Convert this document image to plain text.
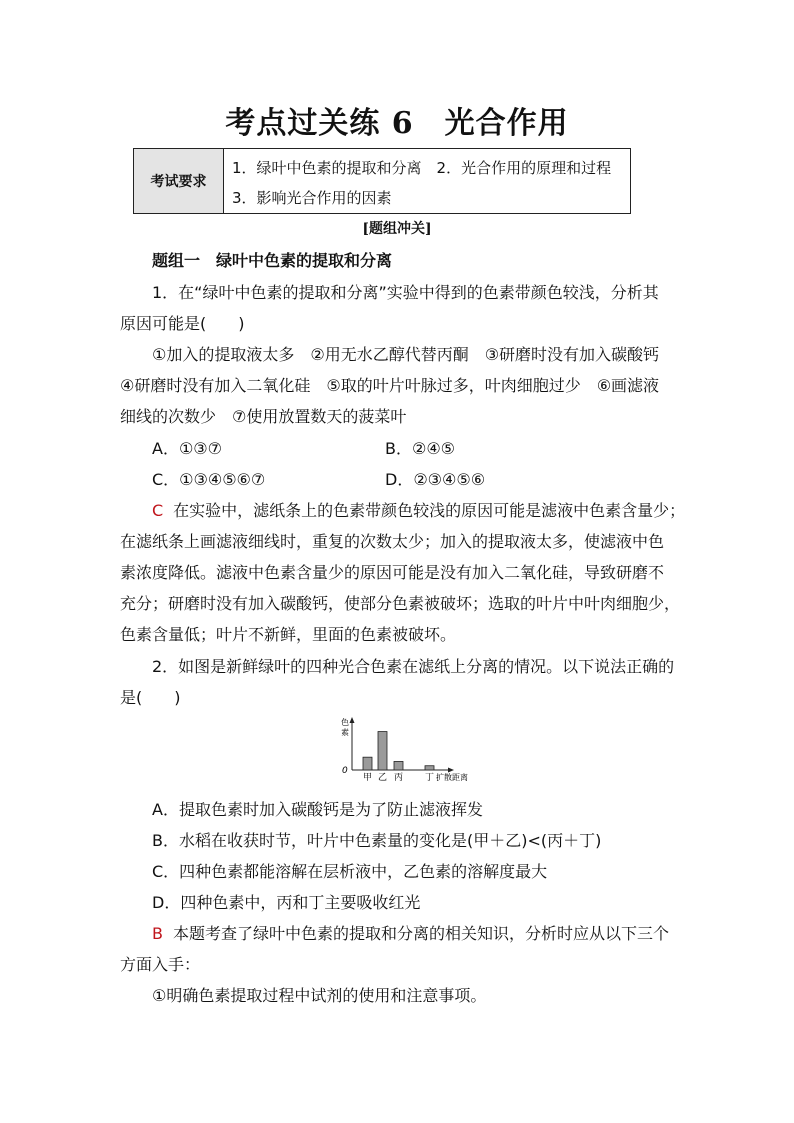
考点过关练 6　光合作用
考试要求
1．绿叶中色素的提取和分离　2．光合作用的原理和过程
3．影响光合作用的因素
[题组冲关]
题组一　绿叶中色素的提取和分离
1．在“绿叶中色素的提取和分离”实验中得到的色素带颜色较浅，分析其
原因可能是(　　)
①加入的提取液太多　②用无水乙醇代替丙酮　③研磨时没有加入碳酸钙
④研磨时没有加入二氧化硅　⑤取的叶片叶脉过多，叶肉细胞过少　⑥画滤液
细线的次数少　⑦使用放置数天的菠菜叶
A．①③⑦	B．②④⑤
C．①③④⑤⑥⑦	D．②③④⑤⑥
C 在实验中，滤纸条上的色素带颜色较浅的原因可能是滤液中色素含量少；
在滤纸条上画滤液细线时，重复的次数太少；加入的提取液太多，使滤液中色
素浓度降低。滤液中色素含量少的原因可能是没有加入二氧化硅，导致研磨不
充分；研磨时没有加入碳酸钙，使部分色素被破坏；选取的叶片中叶肉细胞少，
色素含量低；叶片不新鲜，里面的色素被破坏。
2．如图是新鲜绿叶的四种光合色素在滤纸上分离的情况。以下说法正确的
是(　　)
色
素
0
扩散距离
甲 乙 丙 丁
A．提取色素时加入碳酸钙是为了防止滤液挥发
B．水稻在收获时节，叶片中色素量的变化是(甲＋乙)<(丙＋丁)
C．四种色素都能溶解在层析液中，乙色素的溶解度最大
D．四种色素中，丙和丁主要吸收红光
B 本题考查了绿叶中色素的提取和分离的相关知识，分析时应从以下三个
方面入手：
①明确色素提取过程中试剂的使用和注意事项。
